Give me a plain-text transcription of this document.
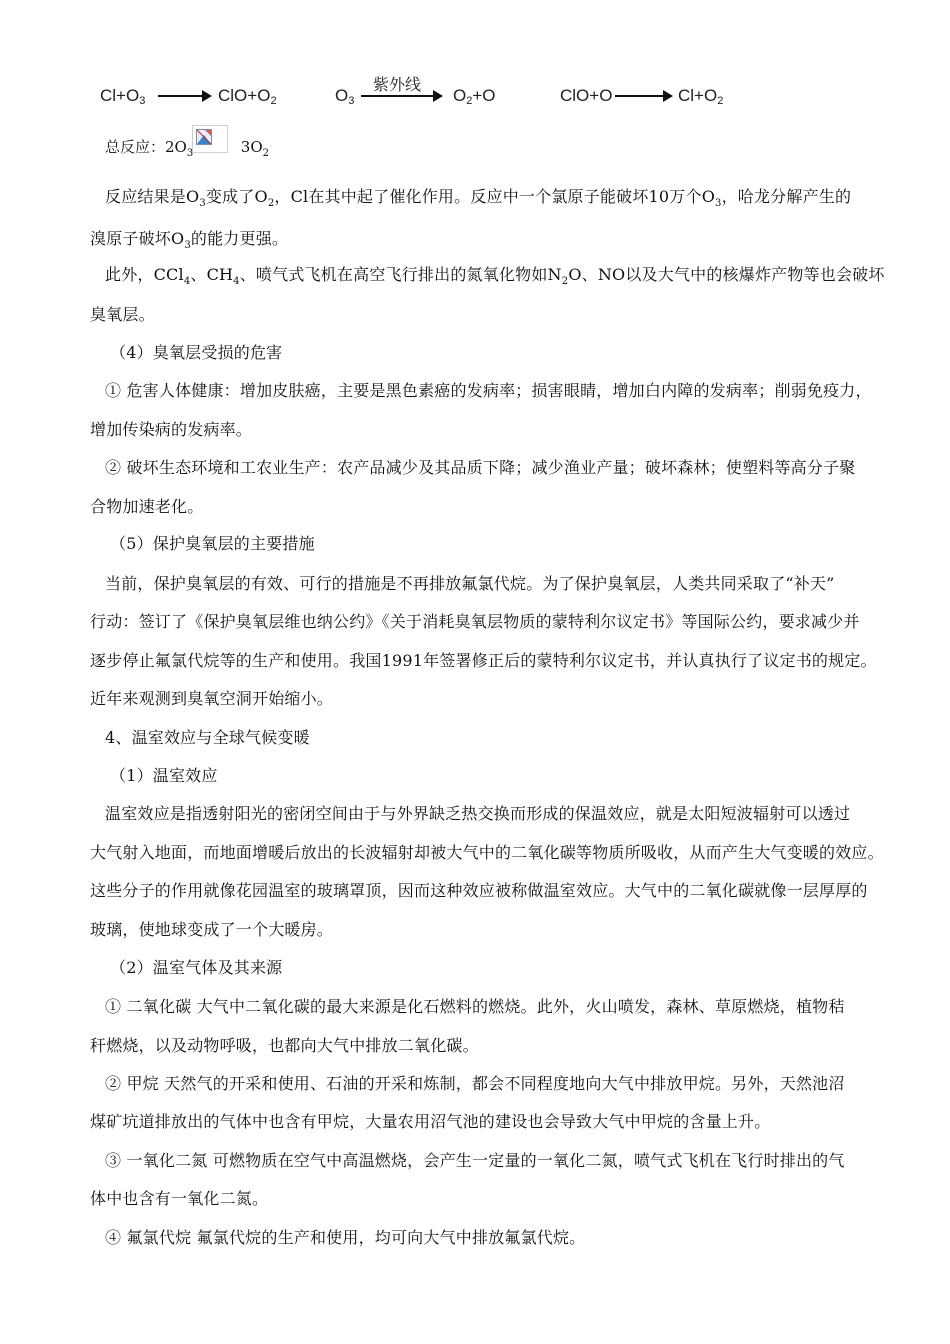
$Cl+O_3 \to ClO+O_2$	$O_3$
紫外线
$O_2+O$	$ClO+O \to Cl+O_2$
总反应：$2O_3$	$3O_2$
反应结果是$O_3$变成了$O_2$，Cl在其中起了催化作用。反应中一个氯原子能破坏10万个$O_3$，哈龙分解产生的
溴原子破坏$O_3$的能力更强。
此外，CCl$_4$、$CH_4$、喷气式飞机在高空飞行排出的氮氧化物如$N_2O$、NO以及大气中的核爆炸产物等也会破坏
臭氧层。
（4）臭氧层受损的危害
① 危害人体健康：增加皮肤癌，主要是黑色素癌的发病率；损害眼睛，增加白内障的发病率；削弱免疫力，
增加传染病的发病率。
② 破坏生态环境和工农业生产：农产品减少及其品质下降；减少渔业产量；破坏森林；使塑料等高分子聚
合物加速老化。
（5）保护臭氧层的主要措施
当前，保护臭氧层的有效、可行的措施是不再排放氟氯代烷。为了保护臭氧层，人类共同采取了“补天”
行动：签订了《保护臭氧层维也纳公约》《关于消耗臭氧层物质的蒙特利尔议定书》等国际公约，要求减少并
逐步停止氟氯代烷等的生产和使用。我国1991年签署修正后的蒙特利尔议定书，并认真执行了议定书的规定。
近年来观测到臭氧空洞开始缩小。
4、温室效应与全球气候变暖
（1）温室效应
温室效应是指透射阳光的密闭空间由于与外界缺乏热交换而形成的保温效应，就是太阳短波辐射可以透过
大气射入地面，而地面增暖后放出的长波辐射却被大气中的二氧化碳等物质所吸收，从而产生大气变暖的效应。
这些分子的作用就像花园温室的玻璃罩顶，因而这种效应被称做温室效应。大气中的二氧化碳就像一层厚厚的
玻璃，使地球变成了一个大暖房。
（2）温室气体及其来源
① 二氧化碳 大气中二氧化碳的最大来源是化石燃料的燃烧。此外，火山喷发，森林、草原燃烧，植物秸
秆燃烧，以及动物呼吸，也都向大气中排放二氧化碳。
② 甲烷 天然气的开采和使用、石油的开采和炼制，都会不同程度地向大气中排放甲烷。另外，天然池沼
煤矿坑道排放出的气体中也含有甲烷，大量农用沼气池的建设也会导致大气中甲烷的含量上升。
③ 一氧化二氮 可燃物质在空气中高温燃烧，会产生一定量的一氧化二氮，喷气式飞机在飞行时排出的气
体中也含有一氧化二氮。
④ 氟氯代烷 氟氯代烷的生产和使用，均可向大气中排放氟氯代烷。
